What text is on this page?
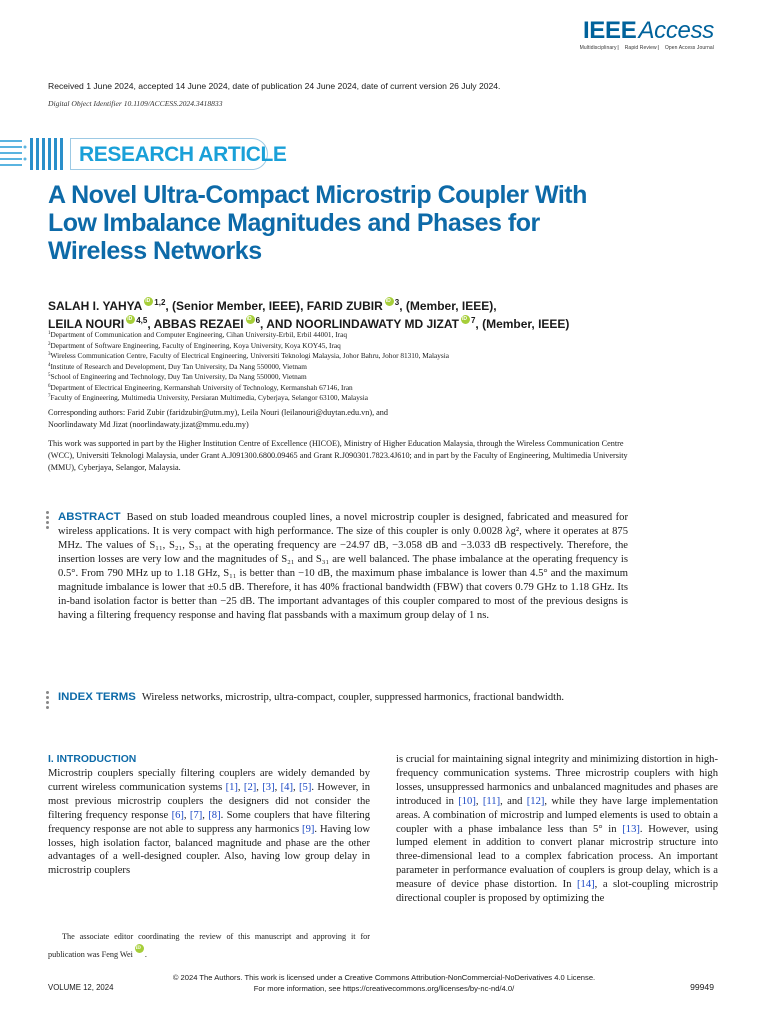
IEEEAccess
Multidisciplinary ⎸ Rapid Review ⎸ Open Access Journal
Received 1 June 2024, accepted 14 June 2024, date of publication 24 June 2024, date of current version 26 July 2024.
Digital Object Identifier 10.1109/ACCESS.2024.3418833
RESEARCH ARTICLE
A Novel Ultra-Compact Microstrip Coupler With
Low Imbalance Magnitudes and Phases for
Wireless Networks
SALAH I. YAHYA iD $^{1,2}$, (Senior Member, IEEE), FARID ZUBIR iD $^3$, (Member, IEEE),
LEILA NOURI iD $^{4,5}$, ABBAS REZAEI iD $^6$, AND NOORLINDAWATY MD JIZAT iD $^7$, (Member, IEEE)
$^1$Department of Communication and Computer Engineering, Cihan University-Erbil, Erbil 44001, Iraq
$^2$Department of Software Engineering, Faculty of Engineering, Koya University, Koya KOY45, Iraq
$^3$Wireless Communication Centre, Faculty of Electrical Engineering, Universiti Teknologi Malaysia, Johor Bahru, Johor 81310, Malaysia
$^4$Institute of Research and Development, Duy Tan University, Da Nang 550000, Vietnam
$^5$School of Engineering and Technology, Duy Tan University, Da Nang 550000, Vietnam
$^6$Department of Electrical Engineering, Kermanshah University of Technology, Kermanshah 67146, Iran
$^7$Faculty of Engineering, Multimedia University, Persiaran Multimedia, Cyberjaya, Selangor 63100, Malaysia
Corresponding authors: Farid Zubir (faridzubir@utm.my), Leila Nouri (leilanouri@duytan.edu.vn), and
Noorlindawaty Md Jizat (noorlindawaty.jizat@mmu.edu.my)
This work was supported in part by the Higher Institution Centre of Excellence (HICOE), Ministry of Higher Education Malaysia, through the Wireless Communication Centre (WCC), Universiti Teknologi Malaysia, under Grant A.J091300.6800.09465 and Grant R.J090301.7823.4J610; and in part by the Faculty of Engineering, Multimedia University (MMU), Cyberjaya, Selangor, Malaysia.
ABSTRACT Based on stub loaded meandrous coupled lines, a novel microstrip coupler is designed, fabricated and measured for wireless applications. It is very compact with high performance. The size of this coupler is only 0.0028 λg², where it operates at 875 MHz. The values of S₁₁, S₂₁, S₃₁ at the operating frequency are −24.97 dB, −3.058 dB and −3.033 dB respectively. Therefore, the insertion losses are very low and the magnitudes of S₂₁ and S₃₁ are well balanced. The phase imbalance at the operating frequency is 0.5°. From 790 MHz up to 1.18 GHz, S₁₁ is better than −10 dB, the maximum phase imbalance is lower than 4.5° and the maximum magnitude imbalance is lower that ±0.5 dB. Therefore, it has 40% fractional bandwidth (FBW) that covers 0.79 GHz to 1.18 GHz. Its in-band isolation factor is better than −25 dB. The important advantages of this coupler compared to most of the previous designs is having a filtering frequency response and having flat passbands with a maximum group delay of 1 ns.
INDEX TERMS Wireless networks, microstrip, ultra-compact, coupler, suppressed harmonics, fractional bandwidth.
I. INTRODUCTION
Microstrip couplers specially filtering couplers are widely demanded by current wireless communication systems [1], [2], [3], [4], [5]. However, in most previous microstrip couplers the designers did not consider the filtering frequency response [6], [7], [8]. Some couplers that have filtering frequency response are not able to suppress any harmonics [9]. Having low losses, high isolation factor, balanced magnitude and phase are the other advantages of a well-designed coupler. Also, having low group delay in microstrip couplers
The associate editor coordinating the review of this manuscript and approving it for publication was Feng WeiiD .
is crucial for maintaining signal integrity and minimizing distortion in high-frequency communication systems. Three microstrip couplers with high losses, unsuppressed harmonics and unbalanced magnitudes and phases are introduced in [10], [11], and [12], while they have large implementation areas. A combination of microstrip and lumped elements is used to obtain a coupler with a phase imbalance less than 5° in [13]. However, using lumped element in addition to convert planar microstrip structure into three-dimensional lead to a complex fabrication process. An important parameter in performance evaluation of couplers is group delay, which is a measure of device phase distortion. In [14], a slot-coupling microstrip directional coupler is proposed by optimizing the
© 2024 The Authors. This work is licensed under a Creative Commons Attribution-NonCommercial-NoDerivatives 4.0 License.
For more information, see https://creativecommons.org/licenses/by-nc-nd/4.0/
VOLUME 12, 2024	99949
